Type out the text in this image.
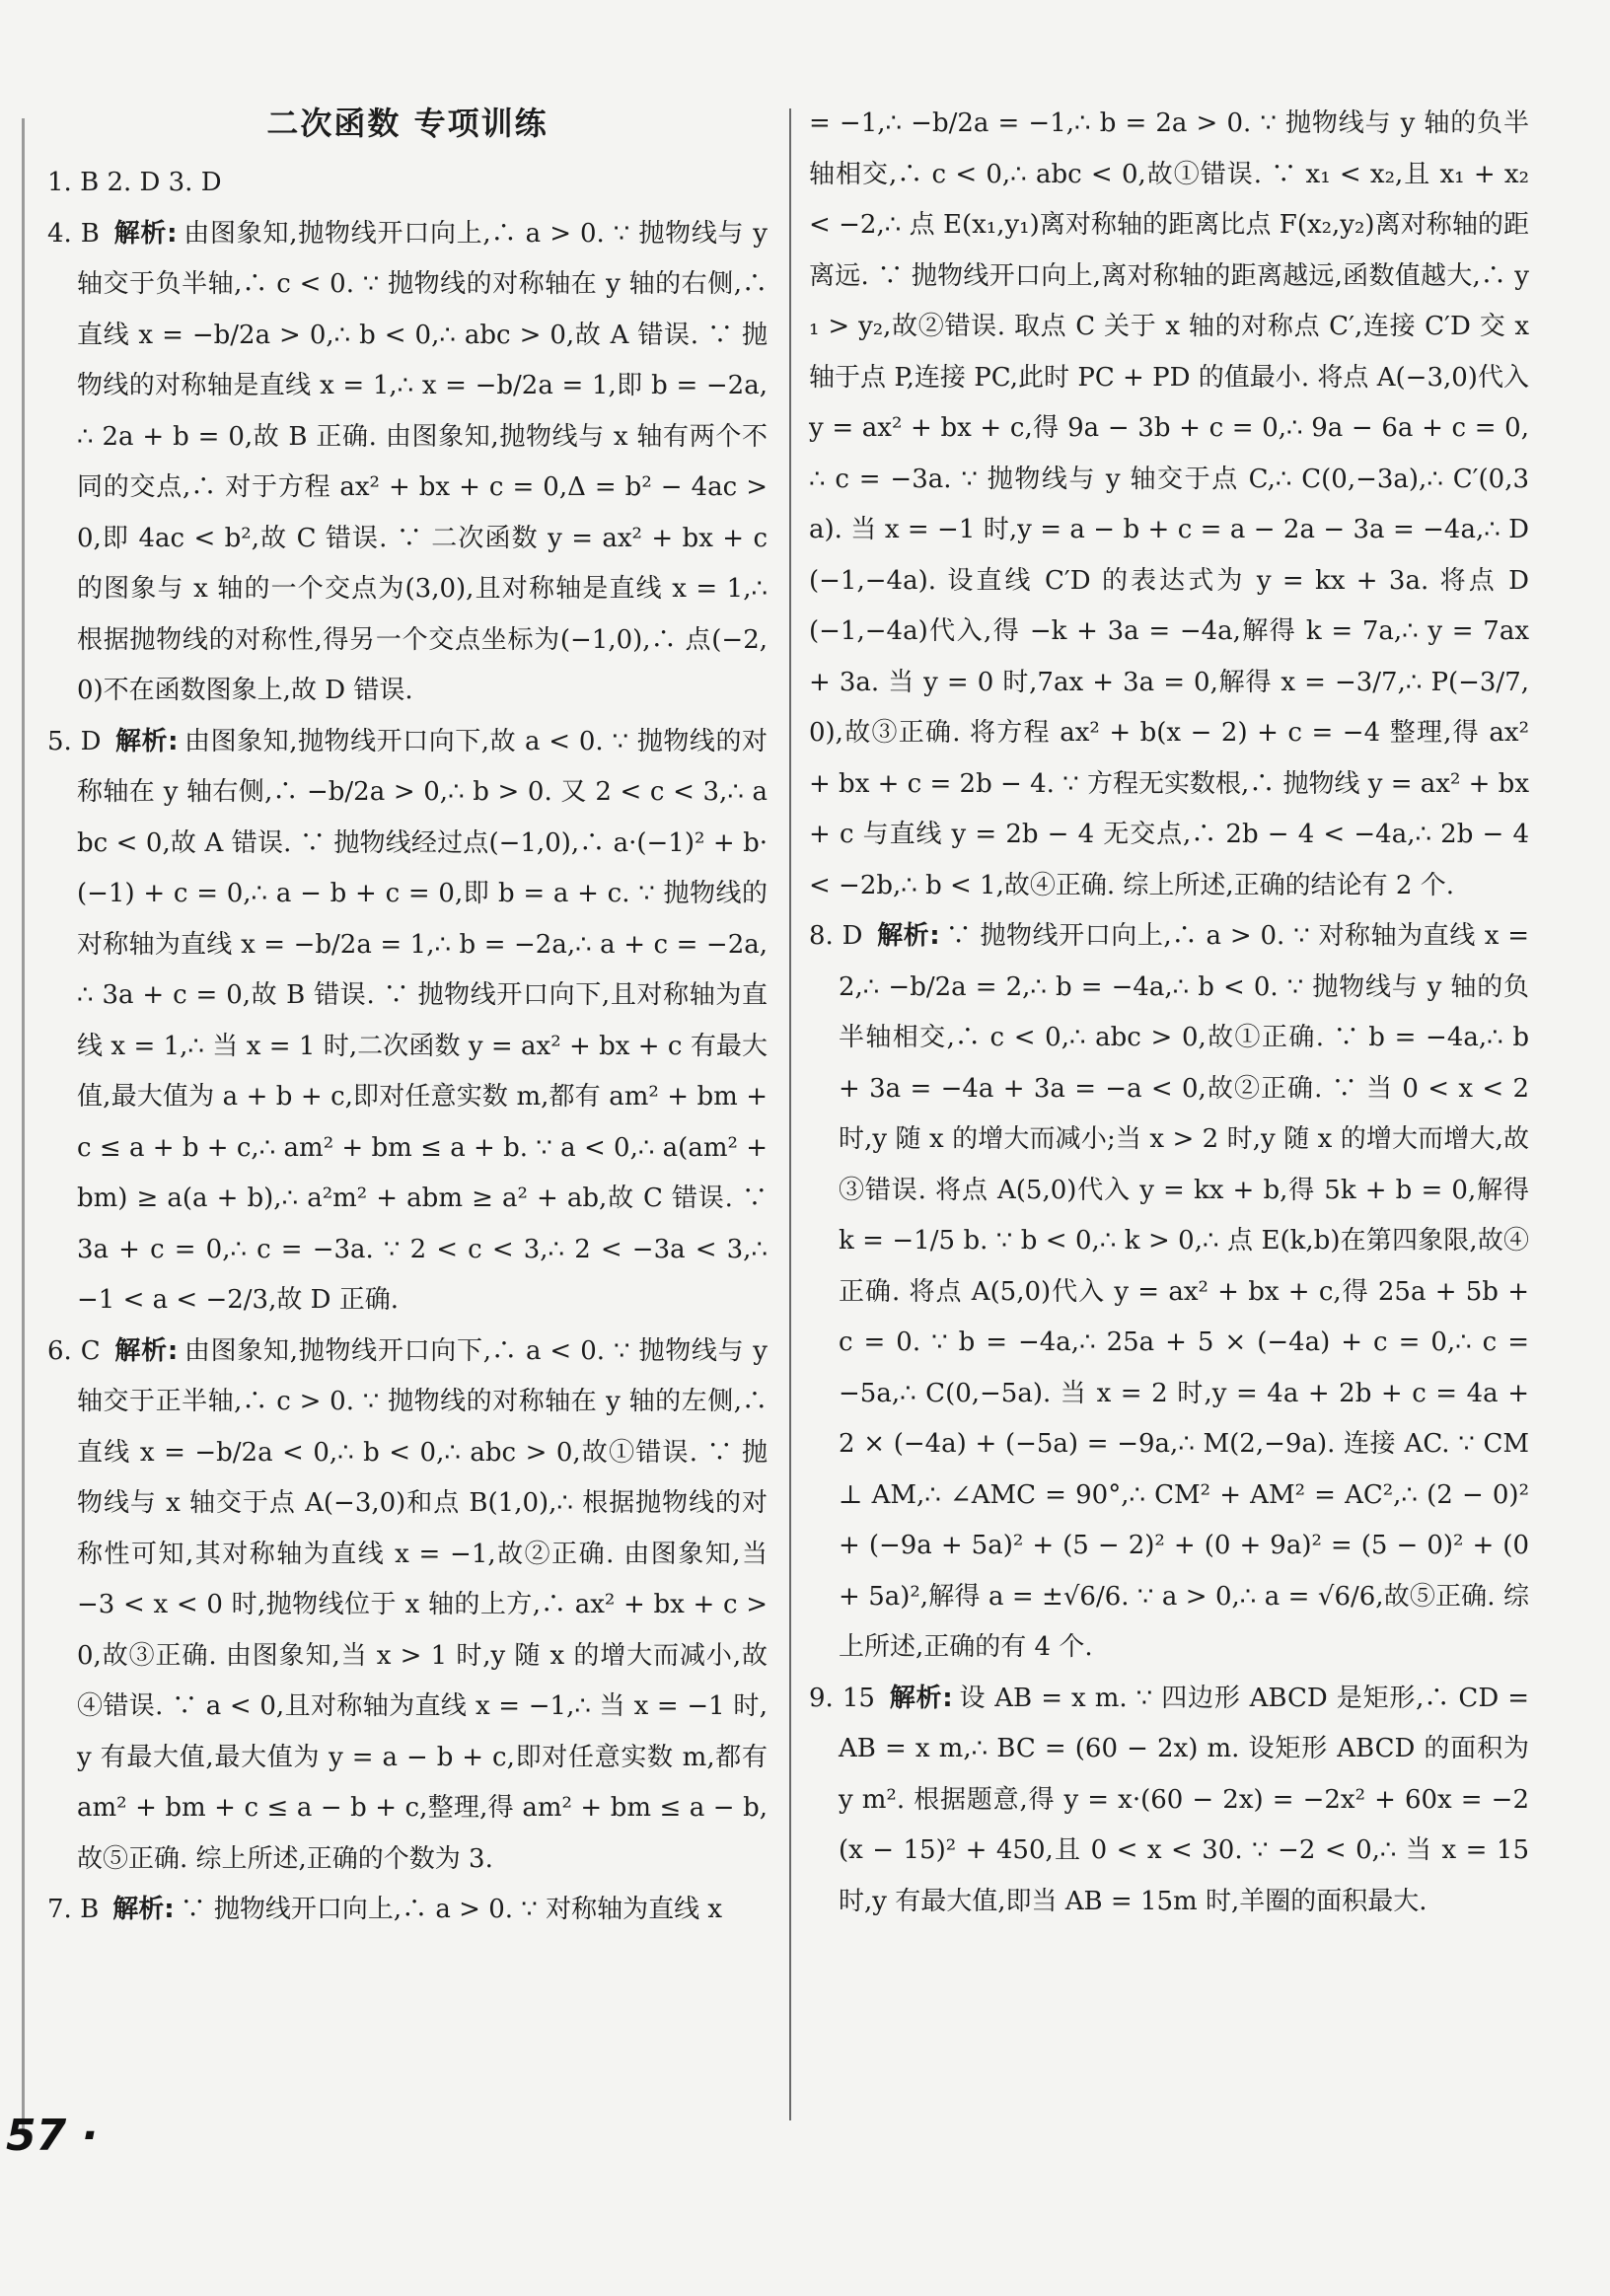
二次函数 专项训练

1. B 2. D 3. D

4. B 解析: 由图象知,抛物线开口向上,∴ a > 0. ∵ 抛物线与 y 轴交于负半轴,∴ c < 0. ∵ 抛物线的对称轴在 y 轴的右侧,∴ 直线 x = −b/2a > 0,∴ b < 0,∴ abc > 0,故 A 错误. ∵ 抛物线的对称轴是直线 x = 1,∴ x = −b/2a = 1,即 b = −2a,∴ 2a + b = 0,故 B 正确. 由图象知,抛物线与 x 轴有两个不同的交点,∴ 对于方程 ax² + bx + c = 0,Δ = b² − 4ac > 0,即 4ac < b²,故 C 错误. ∵ 二次函数 y = ax² + bx + c 的图象与 x 轴的一个交点为(3,0),且对称轴是直线 x = 1,∴ 根据抛物线的对称性,得另一个交点坐标为(−1,0),∴ 点(−2,0)不在函数图象上,故 D 错误.

5. D 解析: 由图象知,抛物线开口向下,故 a < 0. ∵ 抛物线的对称轴在 y 轴右侧,∴ −b/2a > 0,∴ b > 0. 又 2 < c < 3,∴ abc < 0,故 A 错误. ∵ 抛物线经过点(−1,0),∴ a·(−1)² + b·(−1) + c = 0,∴ a − b + c = 0,即 b = a + c. ∵ 抛物线的对称轴为直线 x = −b/2a = 1,∴ b = −2a,∴ a + c = −2a,∴ 3a + c = 0,故 B 错误. ∵ 抛物线开口向下,且对称轴为直线 x = 1,∴ 当 x = 1 时,二次函数 y = ax² + bx + c 有最大值,最大值为 a + b + c,即对任意实数 m,都有 am² + bm + c ≤ a + b + c,∴ am² + bm ≤ a + b. ∵ a < 0,∴ a(am² + bm) ≥ a(a + b),∴ a²m² + abm ≥ a² + ab,故 C 错误. ∵ 3a + c = 0,∴ c = −3a. ∵ 2 < c < 3,∴ 2 < −3a < 3,∴ −1 < a < −2/3,故 D 正确.

6. C 解析: 由图象知,抛物线开口向下,∴ a < 0. ∵ 抛物线与 y 轴交于正半轴,∴ c > 0. ∵ 抛物线的对称轴在 y 轴的左侧,∴ 直线 x = −b/2a < 0,∴ b < 0,∴ abc > 0,故①错误. ∵ 抛物线与 x 轴交于点 A(−3,0)和点 B(1,0),∴ 根据抛物线的对称性可知,其对称轴为直线 x = −1,故②正确. 由图象知,当 −3 < x < 0 时,抛物线位于 x 轴的上方,∴ ax² + bx + c > 0,故③正确. 由图象知,当 x > 1 时,y 随 x 的增大而减小,故④错误. ∵ a < 0,且对称轴为直线 x = −1,∴ 当 x = −1 时,y 有最大值,最大值为 y = a − b + c,即对任意实数 m,都有 am² + bm + c ≤ a − b + c,整理,得 am² + bm ≤ a − b,故⑤正确. 综上所述,正确的个数为 3.

7. B 解析: ∵ 抛物线开口向上,∴ a > 0. ∵ 对称轴为直线 x

= −1,∴ −b/2a = −1,∴ b = 2a > 0. ∵ 抛物线与 y 轴的负半轴相交,∴ c < 0,∴ abc < 0,故①错误. ∵ x₁ < x₂,且 x₁ + x₂ < −2,∴ 点 E(x₁,y₁)离对称轴的距离比点 F(x₂,y₂)离对称轴的距离远. ∵ 抛物线开口向上,离对称轴的距离越远,函数值越大,∴ y₁ > y₂,故②错误. 取点 C 关于 x 轴的对称点 C′,连接 C′D 交 x 轴于点 P,连接 PC,此时 PC + PD 的值最小. 将点 A(−3,0)代入 y = ax² + bx + c,得 9a − 3b + c = 0,∴ 9a − 6a + c = 0,∴ c = −3a. ∵ 抛物线与 y 轴交于点 C,∴ C(0,−3a),∴ C′(0,3a). 当 x = −1 时,y = a − b + c = a − 2a − 3a = −4a,∴ D(−1,−4a). 设直线 C′D 的表达式为 y = kx + 3a. 将点 D(−1,−4a)代入,得 −k + 3a = −4a,解得 k = 7a,∴ y = 7ax + 3a. 当 y = 0 时,7ax + 3a = 0,解得 x = −3/7,∴ P(−3/7,0),故③正确. 将方程 ax² + b(x − 2) + c = −4 整理,得 ax² + bx + c = 2b − 4. ∵ 方程无实数根,∴ 抛物线 y = ax² + bx + c 与直线 y = 2b − 4 无交点,∴ 2b − 4 < −4a,∴ 2b − 4 < −2b,∴ b < 1,故④正确. 综上所述,正确的结论有 2 个.

8. D 解析: ∵ 抛物线开口向上,∴ a > 0. ∵ 对称轴为直线 x = 2,∴ −b/2a = 2,∴ b = −4a,∴ b < 0. ∵ 抛物线与 y 轴的负半轴相交,∴ c < 0,∴ abc > 0,故①正确. ∵ b = −4a,∴ b + 3a = −4a + 3a = −a < 0,故②正确. ∵ 当 0 < x < 2 时,y 随 x 的增大而减小;当 x > 2 时,y 随 x 的增大而增大,故③错误. 将点 A(5,0)代入 y = kx + b,得 5k + b = 0,解得 k = −1/5 b. ∵ b < 0,∴ k > 0,∴ 点 E(k,b)在第四象限,故④正确. 将点 A(5,0)代入 y = ax² + bx + c,得 25a + 5b + c = 0. ∵ b = −4a,∴ 25a + 5 × (−4a) + c = 0,∴ c = −5a,∴ C(0,−5a). 当 x = 2 时,y = 4a + 2b + c = 4a + 2 × (−4a) + (−5a) = −9a,∴ M(2,−9a). 连接 AC. ∵ CM ⊥ AM,∴ ∠AMC = 90°,∴ CM² + AM² = AC²,∴ (2 − 0)² + (−9a + 5a)² + (5 − 2)² + (0 + 9a)² = (5 − 0)² + (0 + 5a)²,解得 a = ±√6/6. ∵ a > 0,∴ a = √6/6,故⑤正确. 综上所述,正确的有 4 个.

9. 15 解析: 设 AB = x m. ∵ 四边形 ABCD 是矩形,∴ CD = AB = x m,∴ BC = (60 − 2x) m. 设矩形 ABCD 的面积为 y m². 根据题意,得 y = x·(60 − 2x) = −2x² + 60x = −2(x − 15)² + 450,且 0 < x < 30. ∵ −2 < 0,∴ 当 x = 15 时,y 有最大值,即当 AB = 15m 时,羊圈的面积最大.

57 ·
